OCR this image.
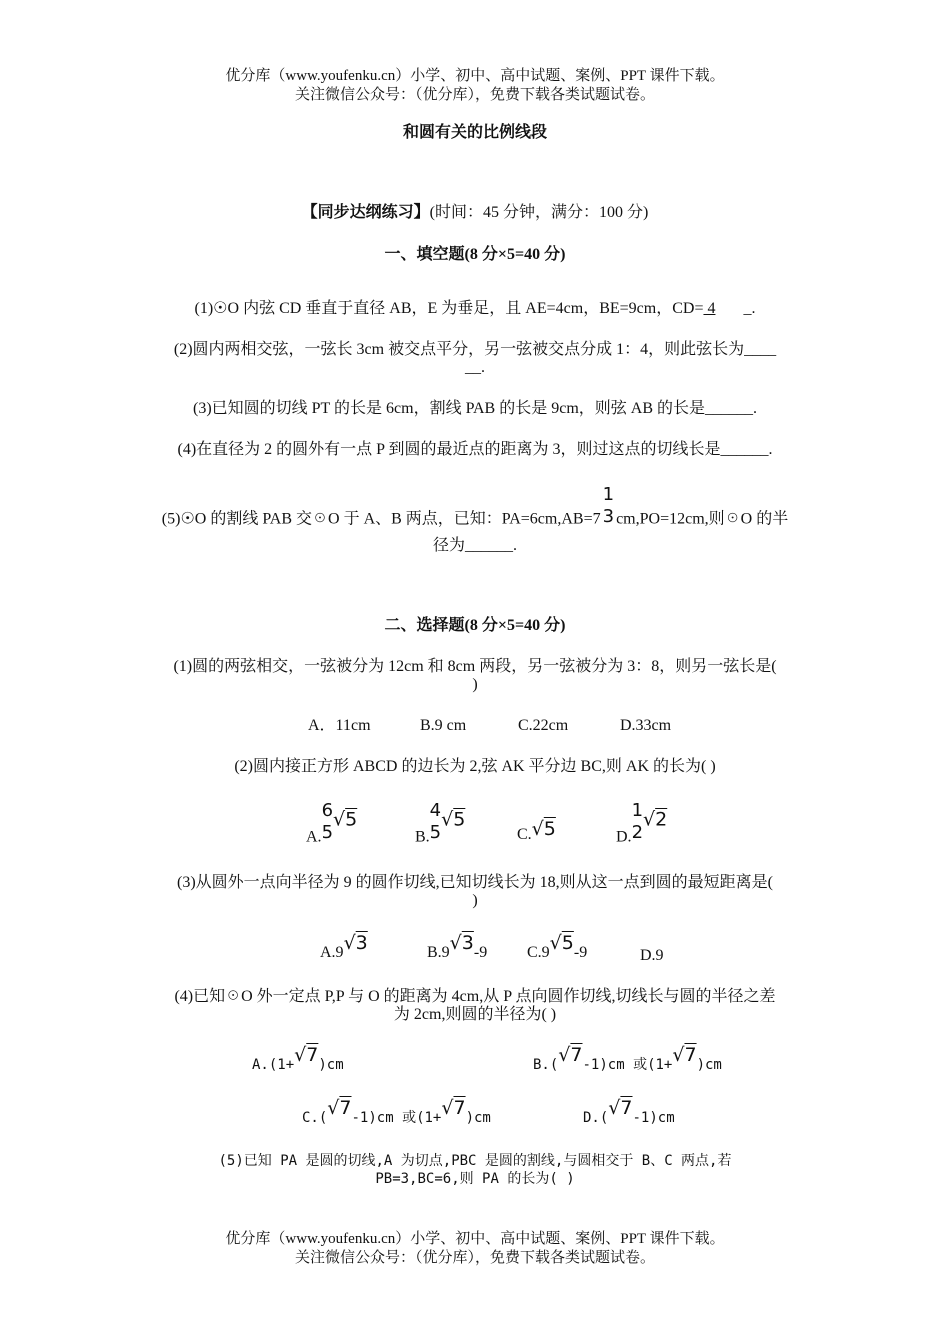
优分库（www.youfenku.cn）小学、初中、高中试题、案例、PPT 课件下载。
关注微信公众号：（优分库），免费下载各类试题试卷。
和圆有关的比例线段
【同步达纲练习】(时间：45 分钟，满分：100 分)
一、填空题(8 分×5=40 分)
(1)☉O 内弦 CD 垂直于直径 AB，E 为垂足，且 AE=4cm，BE=9cm，CD= 4       _.
(2)圆内两相交弦，一弦长 3cm 被交点平分，另一弦被交点分成 1：4，则此弦长为____
__.
(3)已知圆的切线 PT 的长是 6cm，割线 PAB 的长是 9cm，则弦 AB 的长是______.
(4)在直径为 2 的圆外有一点 P 到圆的最近点的距离为 3，则过这点的切线长是______.
(5)☉O 的割线 PAB 交☉O 于 A、B 两点，已知：PA=6cm,AB=7
1
3 cm,PO=12cm,则☉O 的半
径为______.
二、选择题(8 分×5=40 分)
(1)圆的两弦相交，一弦被分为 12cm 和 8cm 两段，另一弦被分为 3：8，则另一弦长是(
)
A．11cm	B.9 cm	C.22cm	D.33cm
(2)圆内接正方形 ABCD 的边长为 2,弦 AK 平分边 BC,则 AK 的长为( )
A.
6
5
√5
B.
4
5
√5
C.√5	D.
1
2
√2
(3)从圆外一点向半径为 9 的圆作切线,已知切线长为 18,则从这一点到圆的最短距离是(
)
A.9√3	B.9√3-9 C.9√5-9	D.9
(4)已知☉O 外一定点 P,P 与 O 的距离为 4cm,从 P 点向圆作切线,切线长与圆的半径之差
为 2cm,则圆的半径为( )
A.(1+√7)cm	B.(√7-1)cm 或(1+√7)cm
C.(√7-1)cm 或(1+√7)cm	D.(√7-1)cm
(5)已知 PA 是圆的切线,A 为切点,PBC 是圆的割线,与圆相交于 B、C 两点,若
PB=3,BC=6,则 PA 的长为( )
优分库（www.youfenku.cn）小学、初中、高中试题、案例、PPT 课件下载。
关注微信公众号：（优分库），免费下载各类试题试卷。
